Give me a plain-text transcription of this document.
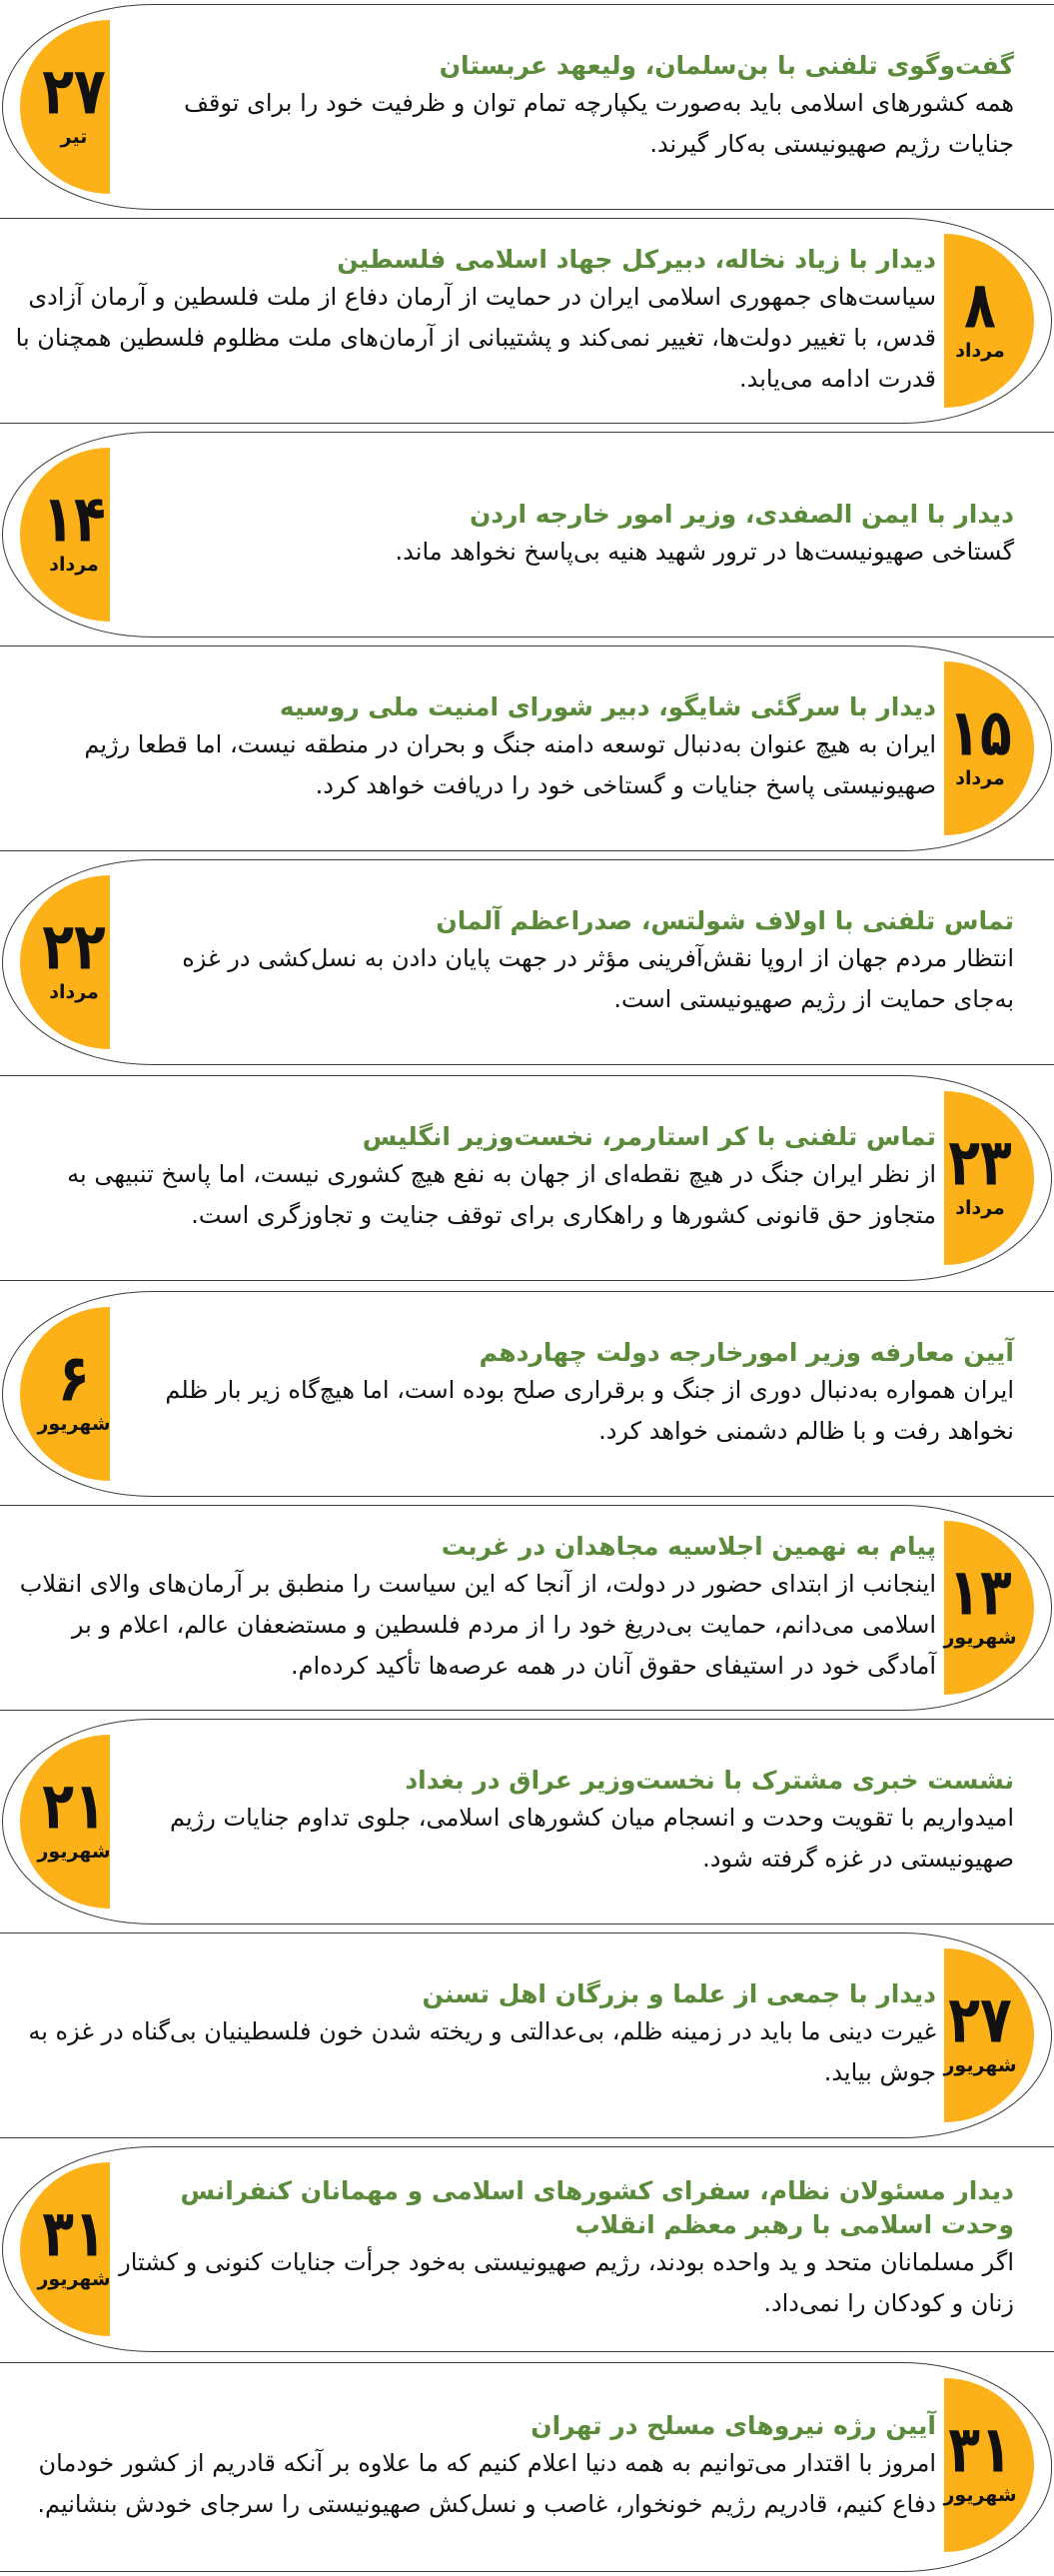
۲۷
تیر

گفت‌وگوی تلفنی با بن‌سلمان، ولیعهد عربستان

همه کشورهای اسلامی باید به‌صورت یکپارچه تمام توان و ظرفیت خود را برای توقف جنایات رژیم صهیونیستی به‌کار گیرند.

۸
مرداد

دیدار با زیاد نخاله، دبیرکل جهاد اسلامی فلسطین

سیاست‌های جمهوری اسلامی ایران در حمایت از آرمان دفاع از ملت فلسطین و آرمان آزادی قدس، با تغییر دولت‌ها، تغییر نمی‌کند و پشتیبانی از آرمان‌های ملت مظلوم فلسطین همچنان با قدرت ادامه می‌یابد.

۱۴
مرداد

دیدار با ایمن الصفدی، وزیر امور خارجه اردن

گستاخی صهیونیست‌ها در ترور شهید هنیه بی‌پاسخ نخواهد ماند.

۱۵
مرداد

دیدار با سرگئی شایگو، دبیر شورای امنیت ملی روسیه

ایران به هیچ عنوان به‌دنبال توسعه دامنه جنگ و بحران در منطقه نیست، اما قطعا رژیم صهیونیستی پاسخ جنایات و گستاخی خود را دریافت خواهد کرد.

۲۲
مرداد

تماس تلفنی با اولاف شولتس، صدراعظم آلمان

انتظار مردم جهان از اروپا نقش‌آفرینی مؤثر در جهت پایان دادن به نسل‌کشی در غزه به‌جای حمایت از رژیم صهیونیستی است.

۲۳
مرداد

تماس تلفنی با کر استارمر، نخست‌وزیر انگلیس

از نظر ایران جنگ در هیچ نقطه‌ای از جهان به نفع هیچ کشوری نیست، اما پاسخ تنبیهی به متجاوز حق قانونی کشورها و راهکاری برای توقف جنایت و تجاوزگری است.

۶
شهریور

آیین معارفه وزیر امورخارجه دولت چهاردهم

ایران همواره به‌دنبال دوری از جنگ و برقراری صلح بوده است، اما هیچ‌گاه زیر بار ظلم نخواهد رفت و با ظالم دشمنی خواهد کرد.

۱۳
شهریور

پیام به نهمین اجلاسیه مجاهدان در غربت

اینجانب از ابتدای حضور در دولت، از آنجا که این سیاست را منطبق بر آرمان‌های والای انقلاب اسلامی می‌دانم، حمایت بی‌دریغ خود را از مردم فلسطین و مستضعفان عالم، اعلام و بر آمادگی خود در استیفای حقوق آنان در همه عرصه‌ها تأکید کرده‌ام.

۲۱
شهریور

نشست خبری مشترک با نخست‌وزیر عراق در بغداد

امیدواریم با تقویت وحدت و انسجام میان کشورهای اسلامی، جلوی تداوم جنایات رژیم صهیونیستی در غزه گرفته شود.

۲۷
شهریور

دیدار با جمعی از علما و بزرگان اهل تسنن

غیرت دینی ما باید در زمینه ظلم، بی‌عدالتی و ریخته شدن خون فلسطینیان بی‌گناه در غزه به جوش بیاید.

۳۱
شهریور

دیدار مسئولان نظام، سفرای کشورهای اسلامی و مهمانان کنفرانس وحدت اسلامی با رهبر معظم انقلاب

اگر مسلمانان متحد و ید واحده بودند، رژیم صهیونیستی به‌خود جرأت جنایات کنونی و کشتار زنان و کودکان را نمی‌داد.

۳۱
شهریور

آیین رژه نیروهای مسلح در تهران

امروز با اقتدار می‌توانیم به همه دنیا اعلام کنیم که ما علاوه بر آنکه قادریم از کشور خودمان دفاع کنیم، قادریم رژیم خونخوار، غاصب و نسل‌کش صهیونیستی را سرجای خودش بنشانیم.
